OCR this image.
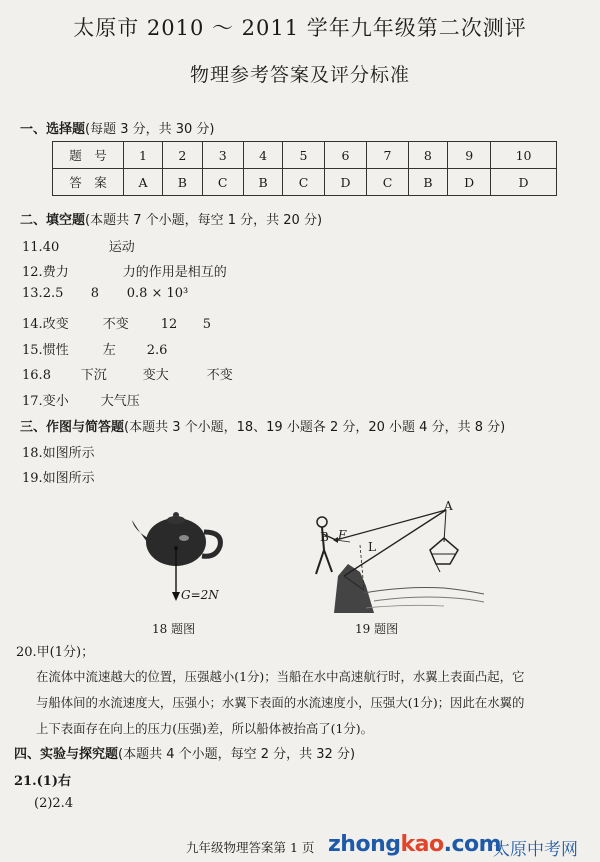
太原市 2010 ～ 2011 学年九年级第二次测评
物理参考答案及评分标准
一、选择题(每题 3 分，共 30 分)
题　号	1	2	3	4	5	6	7	8	9	10
答　案	A	B	C	B	C	D	C	B	D	D
二、填空题(本题共 7 个小题，每空 1 分，共 20 分)
11.40	运动
12.费力	力的作用是相互的
13.2.5 8 0.8 × 10³
14.改变	不变 12 5
15.惯性	左 2.6
16.8 下沉	变大	不变
17.变小 大气压
三、作图与简答题(本题共 3 个小题，18、19 小题各 2 分，20 小题 4 分，共 8 分)
18.如图所示
19.如图所示
G=2N
18 题图
A
B F
L
19 题图
20.甲(1分)；
在流体中流速越大的位置，压强越小(1分)；当船在水中高速航行时，水翼上表面凸起，它
与船体间的水流速度大，压强小；水翼下表面的水流速度小，压强大(1分)；因此在水翼的
上下表面存在向上的压力(压强)差，所以船体被抬高了(1分)。
四、实验与探究题(本题共 4 个小题，每空 2 分，共 32 分)
21.(1)右
(2)2.4
九年级物理答案第 1 页 zhongkao.com
太原中考网
